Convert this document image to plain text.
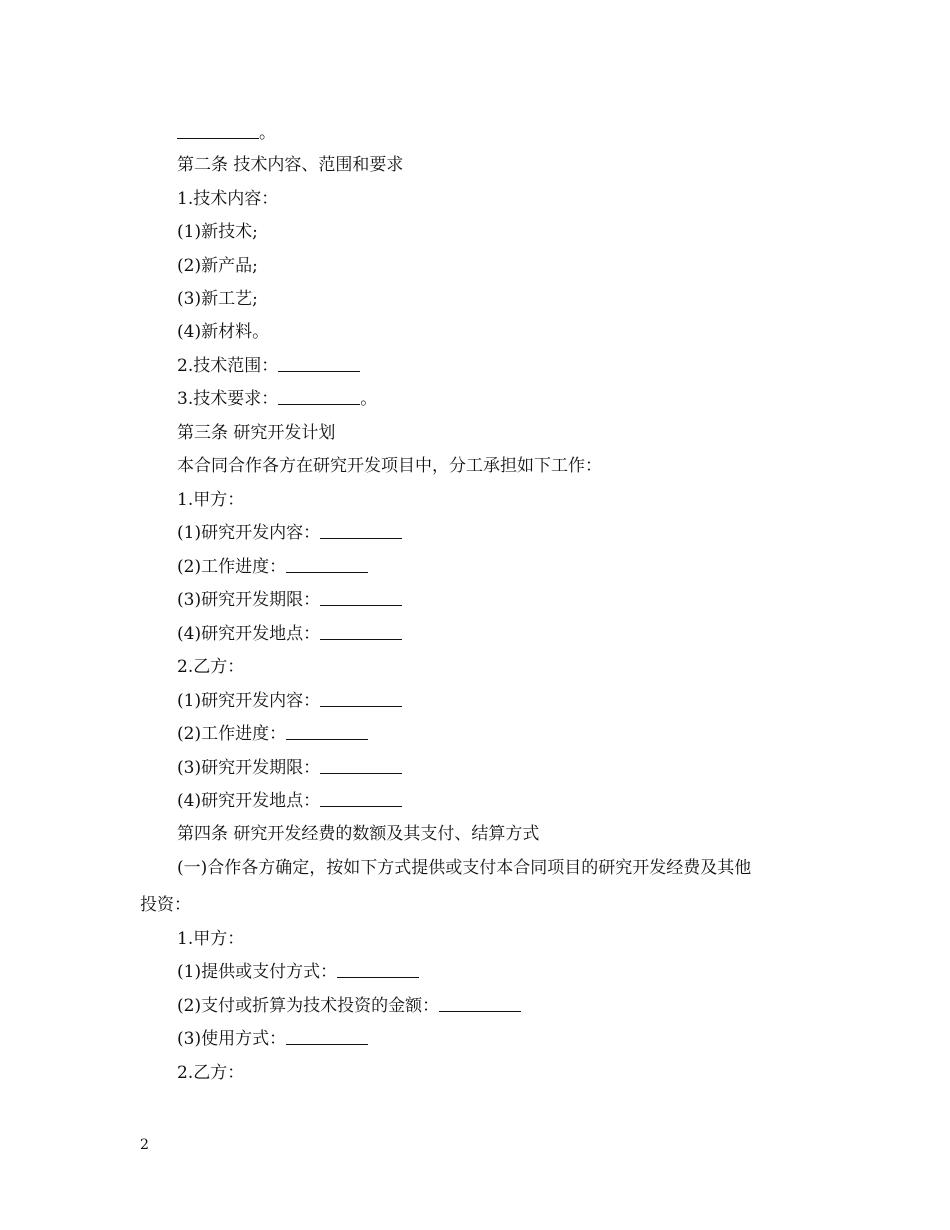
。
第二条 技术内容、范围和要求
1.技术内容：
(1)新技术;
(2)新产品;
(3)新工艺;
(4)新材料。
2.技术范围：
3.技术要求：	。
第三条 研究开发计划
本合同合作各方在研究开发项目中，分工承担如下工作：
1.甲方：
(1)研究开发内容：
(2)工作进度：
(3)研究开发期限：
(4)研究开发地点：
2.乙方：
(1)研究开发内容：
(2)工作进度：
(3)研究开发期限：
(4)研究开发地点：
第四条 研究开发经费的数额及其支付、结算方式
(一)合作各方确定，按如下方式提供或支付本合同项目的研究开发经费及其他
投资：
1.甲方：
(1)提供或支付方式：
(2)支付或折算为技术投资的金额：
(3)使用方式：
2.乙方：
2
